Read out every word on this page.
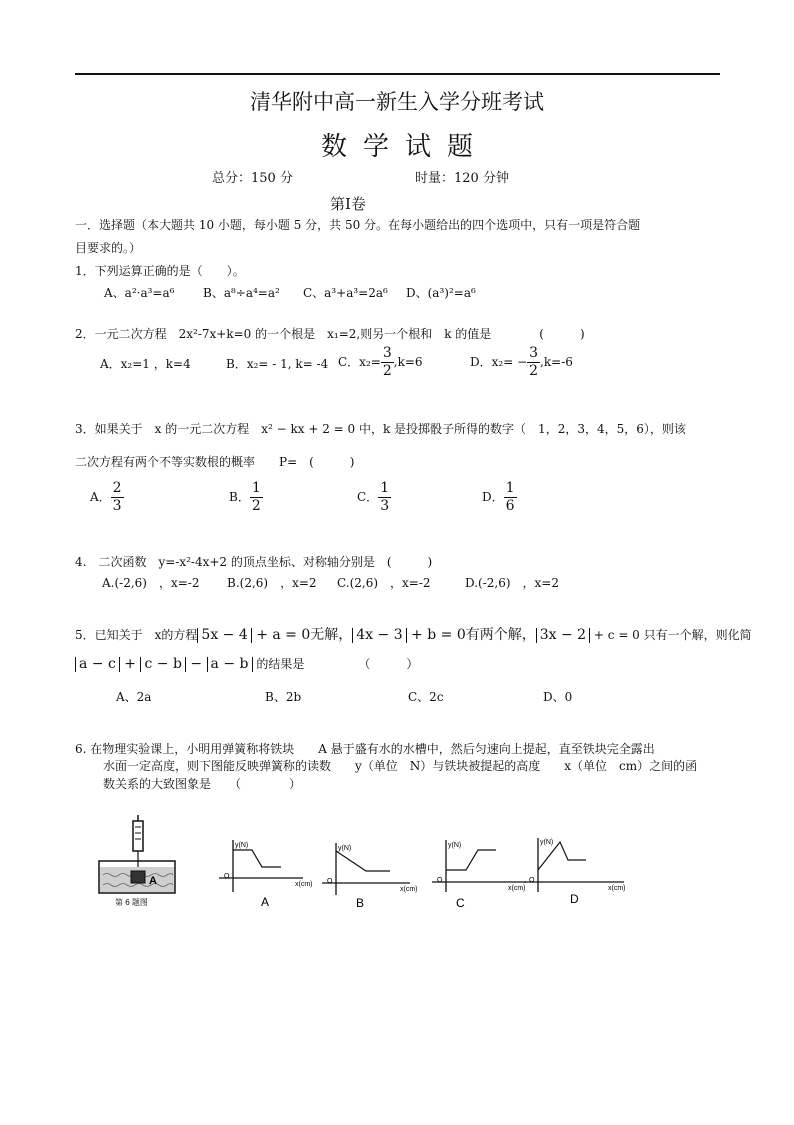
清华附中高一新生入学分班考试
数学试题
总分：150 分	时量：120 分钟
第Ⅰ卷
一．选择题（本大题共 10 小题，每小题 5 分，共 50 分。在每小题给出的四个选项中，只有一项是符合题
目要求的。）
1．下列运算正确的是（　　）。
A、a²·a³=a⁶ B、a⁸÷a⁴=a² C、a³+a³=2a⁶ D、(a³)²=a⁶
2．一元二次方程　2x²-7x+k=0 的一个根是　x₁=2,则另一个根和　k 的值是　　　　(　　　)
A．x₂=1 ，k=4	B．x₂= - 1, k= -4 C．$x_2= \frac{3}{2} ,k=6$	D．$x_2= - \frac{3}{2} ,k=-6$
3．如果关于　x 的一元二次方程　x² − kx + 2 = 0 中，k 是投掷骰子所得的数字（　1，2，3，4，5，6），则该
二次方程有两个不等实数根的概率　　P=　(　　　)
A． $\frac{2}{3}$	B． $\frac{1}{2}$	C． $\frac{1}{3}$	D． $\frac{1}{6}$
4.　二次函数　y=-x²-4x+2 的顶点坐标、对称轴分别是　(　　　)
A.(-2,6)　，x=-2 B.(2,6)　，x=2 C.(2,6)　，x=-2	D.(-2,6)　，x=2
5．已知关于　x的方程 5x − 4 + a = 0无解， 4x − 3 + b = 0有两个解， 3x − 2 + c = 0 只有一个解，则化简
a − c + c − b − a − b 的结果是　　　　　（　　　）
A、2a	B、2b	C、2c	D、0
6. 在物理实验课上，小明用弹簧称将铁块　　A 悬于盛有水的水槽中，然后匀速向上提起，直至铁块完全露出
水面一定高度，则下图能反映弹簧称的读数　　y（单位　N）与铁块被提起的高度　　x（单位　cm）之间的函
数关系的大致图象是　　（　　　　）
A
第 6 题图
y(N)
x(cm)
O
A
y(N)
x(cm)
O
B
y(N)
x(cm)
O
C
y(N)
x(cm)
O
D
